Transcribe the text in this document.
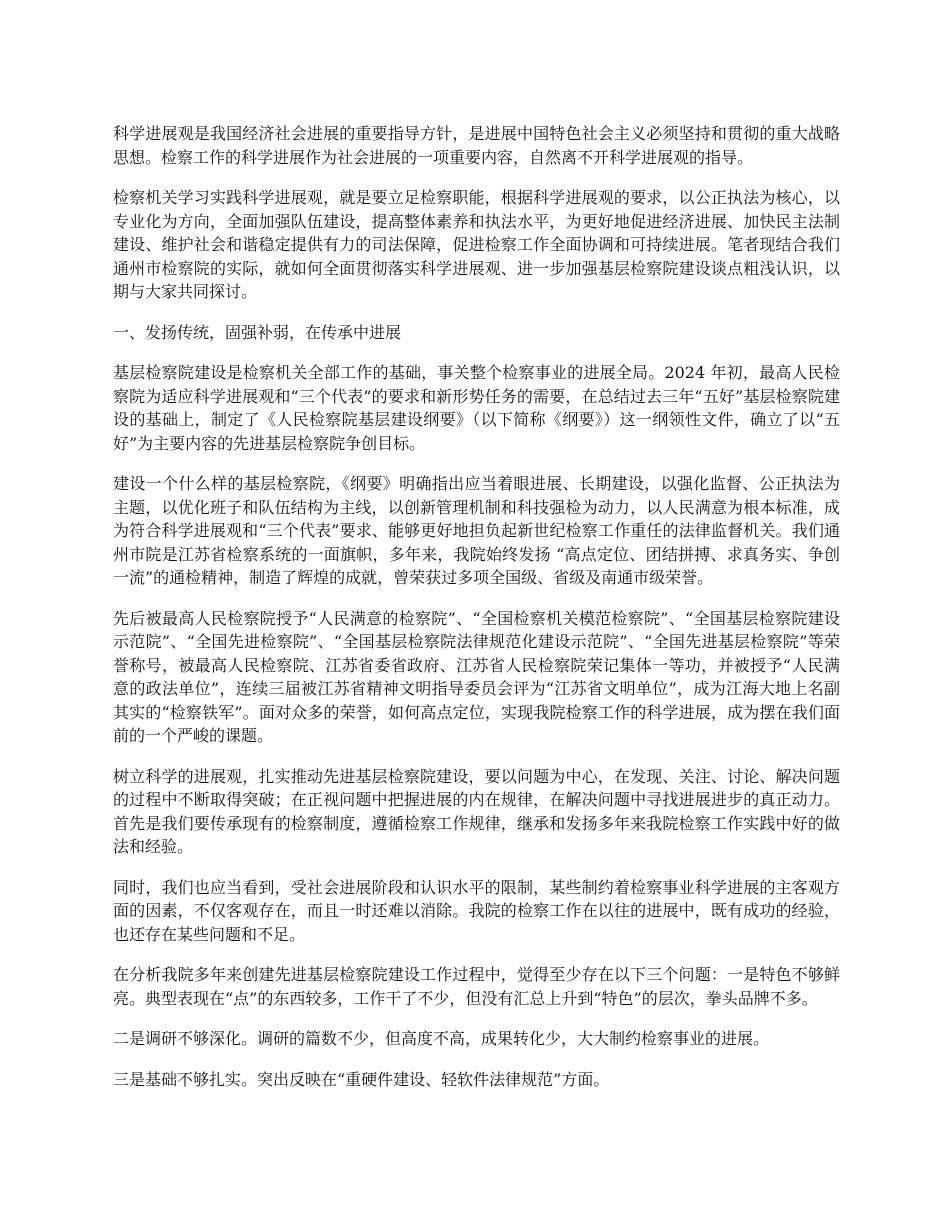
科学进展观是我国经济社会进展的重要指导方针，是进展中国特色社会主义必须坚持和贯彻的重大战略思想。检察工作的科学进展作为社会进展的一项重要内容，自然离不开科学进展观的指导。

检察机关学习实践科学进展观，就是要立足检察职能，根据科学进展观的要求，以公正执法为核心，以专业化为方向，全面加强队伍建设，提高整体素养和执法水平，为更好地促进经济进展、加快民主法制建设、维护社会和谐稳定提供有力的司法保障，促进检察工作全面协调和可持续进展。笔者现结合我们通州市检察院的实际，就如何全面贯彻落实科学进展观、进一步加强基层检察院建设谈点粗浅认识，以期与大家共同探讨。

一、发扬传统，固强补弱，在传承中进展

基层检察院建设是检察机关全部工作的基础，事关整个检察事业的进展全局。2024 年初，最高人民检察院为适应科学进展观和“三个代表”的要求和新形势任务的需要，在总结过去三年“五好”基层检察院建设的基础上，制定了《人民检察院基层建设纲要》（以下简称《纲要》）这一纲领性文件，确立了以“五好”为主要内容的先进基层检察院争创目标。

建设一个什么样的基层检察院，《纲要》明确指出应当着眼进展、长期建设，以强化监督、公正执法为主题，以优化班子和队伍结构为主线，以创新管理机制和科技强检为动力，以人民满意为根本标准，成为符合科学进展观和“三个代表”要求、能够更好地担负起新世纪检察工作重任的法律监督机关。我们通州市院是江苏省检察系统的一面旗帜，多年来，我院始终发扬 “高点定位、团结拼搏、求真务实、争创一流”的通检精神，制造了辉煌的成就，曾荣获过多项全国级、省级及南通市级荣誉。

先后被最高人民检察院授予“人民满意的检察院”、“全国检察机关模范检察院”、“全国基层检察院建设示范院”、“全国先进检察院”、“全国基层检察院法律规范化建设示范院”、“全国先进基层检察院”等荣誉称号，被最高人民检察院、江苏省委省政府、江苏省人民检察院荣记集体一等功，并被授予“人民满意的政法单位”，连续三届被江苏省精神文明指导委员会评为“江苏省文明单位”，成为江海大地上名副其实的“检察铁军”。面对众多的荣誉，如何高点定位，实现我院检察工作的科学进展，成为摆在我们面前的一个严峻的课题。

树立科学的进展观，扎实推动先进基层检察院建设，要以问题为中心，在发现、关注、讨论、解决问题的过程中不断取得突破；在正视问题中把握进展的内在规律，在解决问题中寻找进展进步的真正动力。首先是我们要传承现有的检察制度，遵循检察工作规律，继承和发扬多年来我院检察工作实践中好的做法和经验。

同时，我们也应当看到，受社会进展阶段和认识水平的限制，某些制约着检察事业科学进展的主客观方面的因素，不仅客观存在，而且一时还难以消除。我院的检察工作在以往的进展中，既有成功的经验，也还存在某些问题和不足。

在分析我院多年来创建先进基层检察院建设工作过程中，觉得至少存在以下三个问题：一是特色不够鲜亮。典型表现在“点”的东西较多，工作干了不少，但没有汇总上升到“特色”的层次，拳头品牌不多。

二是调研不够深化。调研的篇数不少，但高度不高，成果转化少，大大制约检察事业的进展。

三是基础不够扎实。突出反映在“重硬件建设、轻软件法律规范”方面。
